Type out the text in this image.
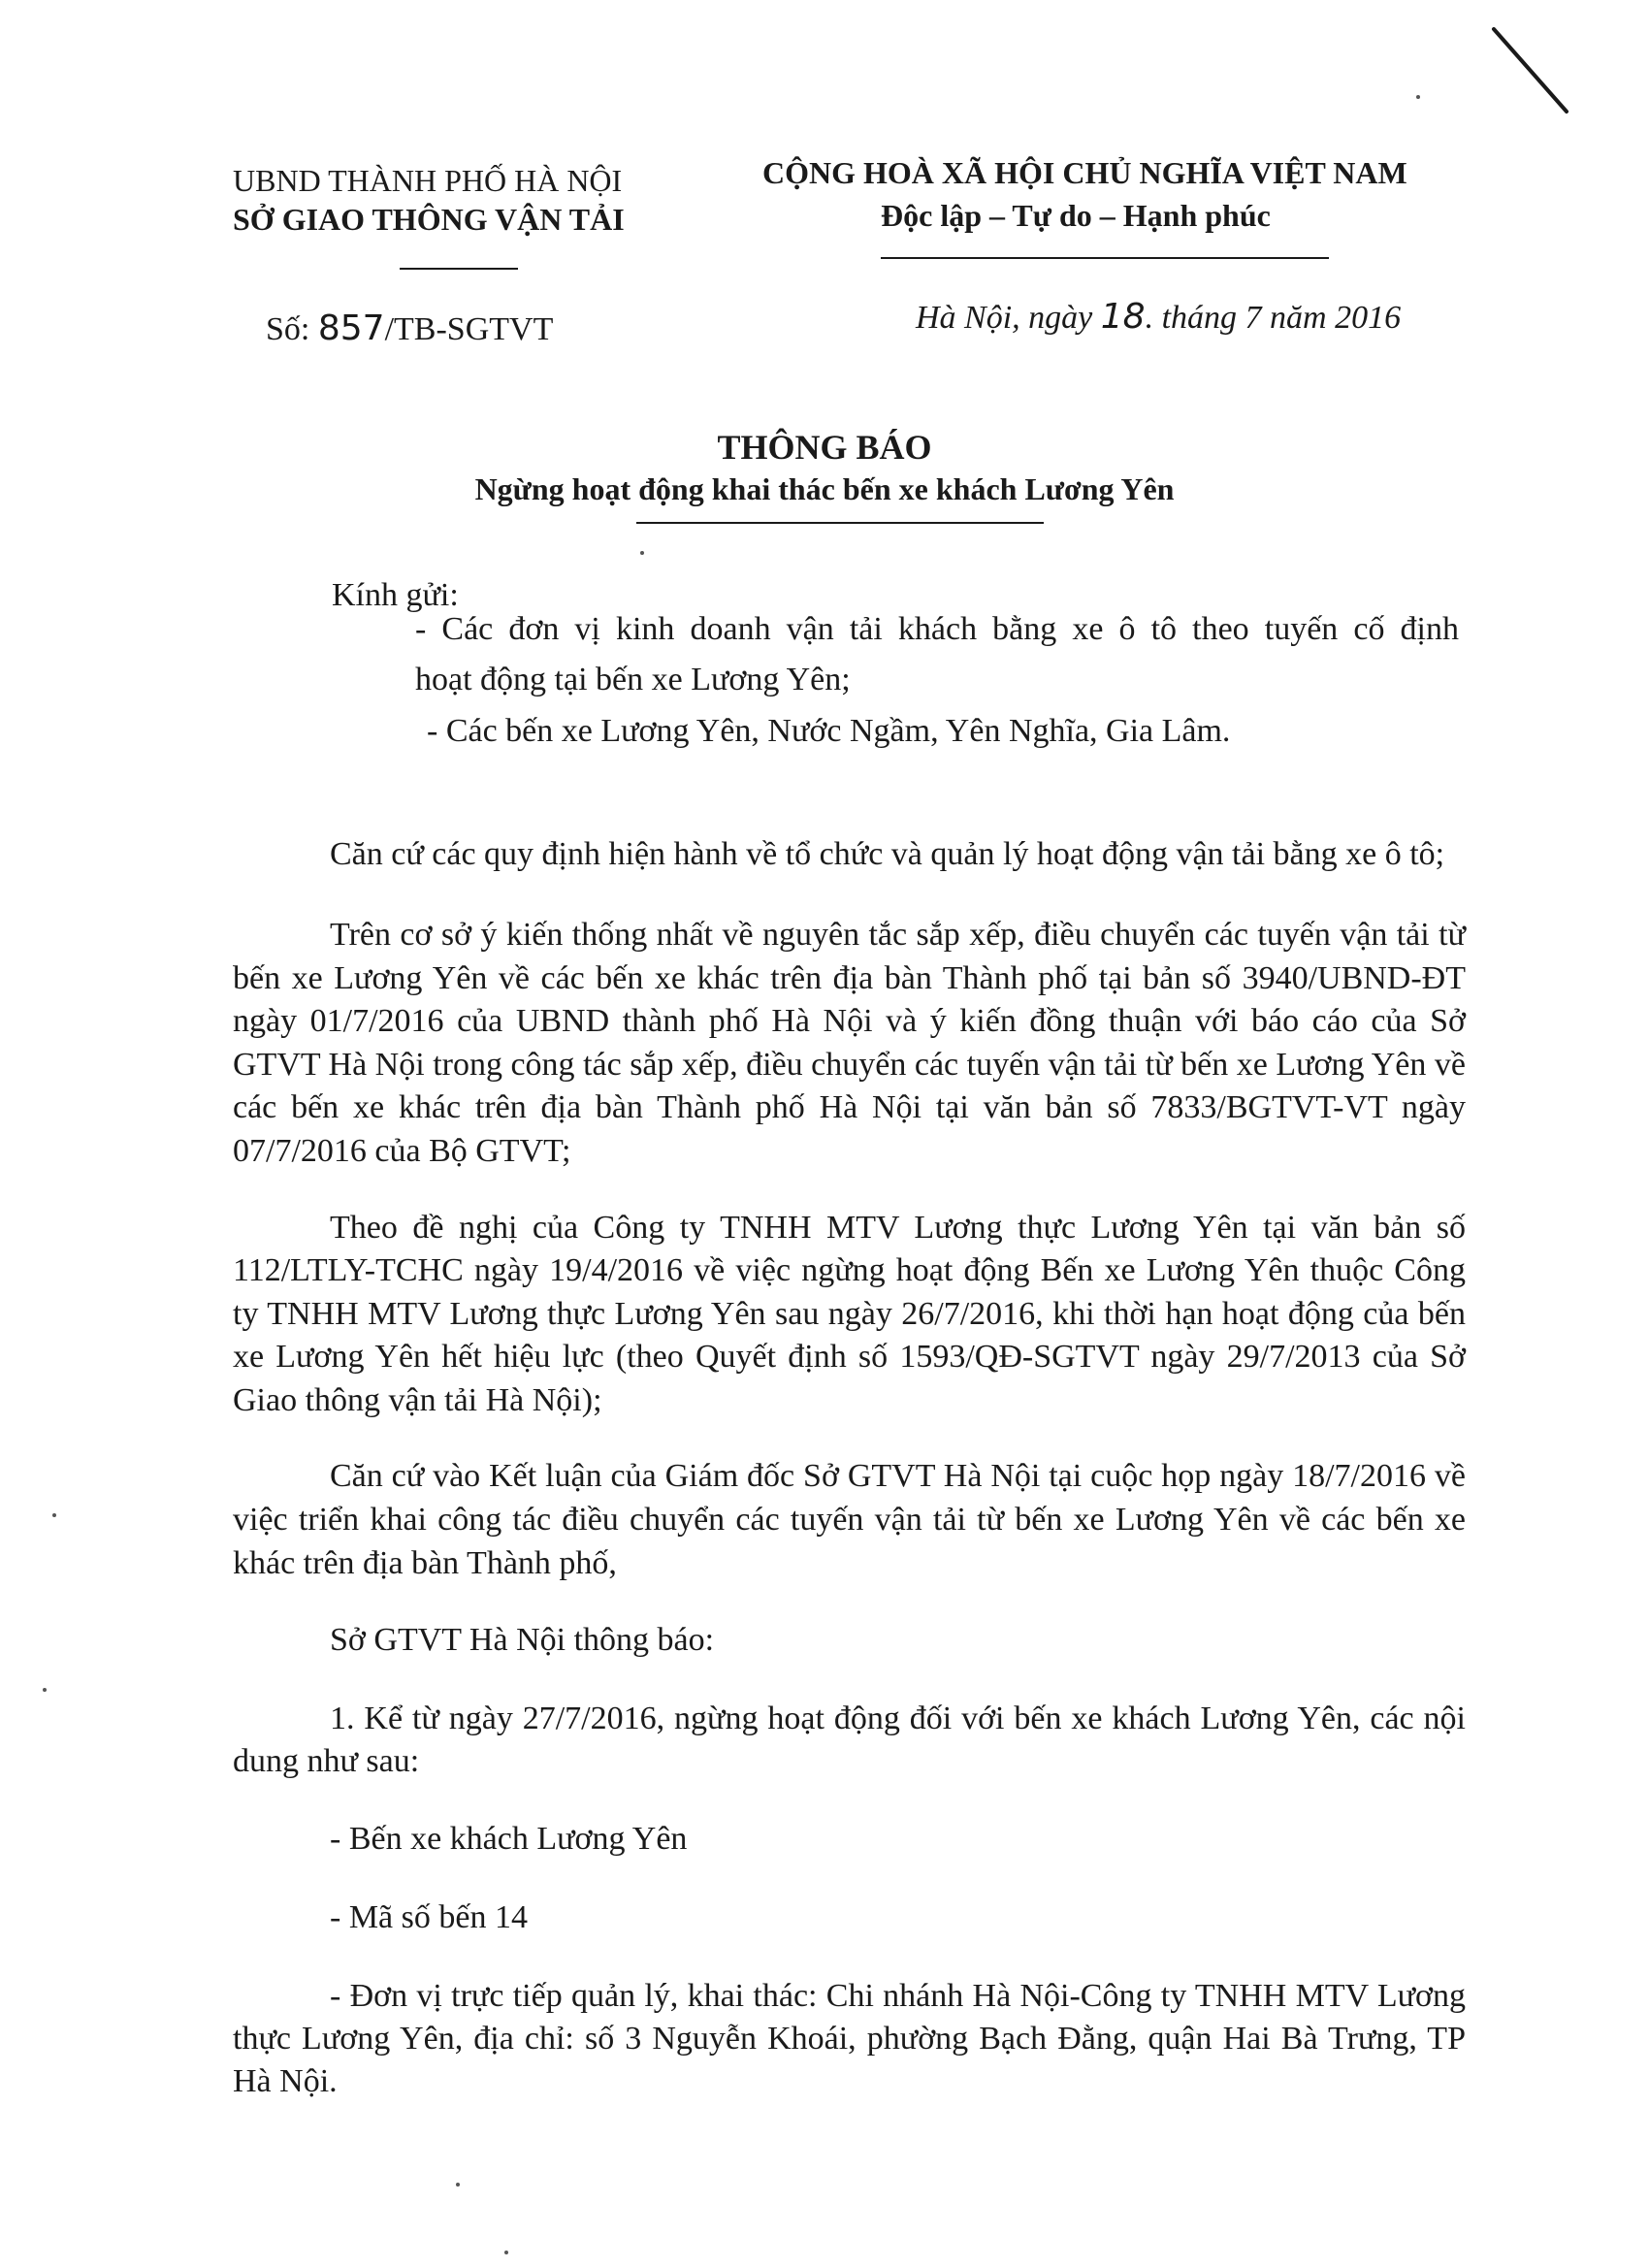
UBND THÀNH PHỐ HÀ NỘI
SỞ GIAO THÔNG VẬN TẢI
CỘNG HOÀ XÃ HỘI CHỦ NGHĨA VIỆT NAM
Độc lập – Tự do – Hạnh phúc
Số: 857/TB-SGTVT	Hà Nội, ngày 18. tháng 7 năm 2016
THÔNG BÁO
Ngừng hoạt động khai thác bến xe khách Lương Yên
Kính gửi:
- Các đơn vị kinh doanh vận tải khách bằng xe ô tô theo tuyến cố định
hoạt động tại bến xe Lương Yên;
- Các bến xe Lương Yên, Nước Ngầm, Yên Nghĩa, Gia Lâm.

Căn cứ các quy định hiện hành về tổ chức và quản lý hoạt động vận tải bằng xe ô tô;

Trên cơ sở ý kiến thống nhất về nguyên tắc sắp xếp, điều chuyển các tuyến vận tải từ bến xe Lương Yên về các bến xe khác trên địa bàn Thành phố tại bản số 3940/UBND-ĐT ngày 01/7/2016 của UBND thành phố Hà Nội và ý kiến đồng thuận với báo cáo của Sở GTVT Hà Nội trong công tác sắp xếp, điều chuyển các tuyến vận tải từ bến xe Lương Yên về các bến xe khác trên địa bàn Thành phố Hà Nội tại văn bản số 7833/BGTVT-VT ngày 07/7/2016 của Bộ GTVT;

Theo đề nghị của Công ty TNHH MTV Lương thực Lương Yên tại văn bản số 112/LTLY-TCHC ngày 19/4/2016 về việc ngừng hoạt động Bến xe Lương Yên thuộc Công ty TNHH MTV Lương thực Lương Yên sau ngày 26/7/2016, khi thời hạn hoạt động của bến xe Lương Yên hết hiệu lực (theo Quyết định số 1593/QĐ-SGTVT ngày 29/7/2013 của Sở Giao thông vận tải Hà Nội);

Căn cứ vào Kết luận của Giám đốc Sở GTVT Hà Nội tại cuộc họp ngày 18/7/2016 về việc triển khai công tác điều chuyển các tuyến vận tải từ bến xe Lương Yên về các bến xe khác trên địa bàn Thành phố,

Sở GTVT Hà Nội thông báo:

1. Kể từ ngày 27/7/2016, ngừng hoạt động đối với bến xe khách Lương Yên, các nội dung như sau:

- Bến xe khách Lương Yên

- Mã số bến 14

- Đơn vị trực tiếp quản lý, khai thác: Chi nhánh Hà Nội-Công ty TNHH MTV Lương thực Lương Yên, địa chỉ: số 3 Nguyễn Khoái, phường Bạch Đằng, quận Hai Bà Trưng, TP Hà Nội.
